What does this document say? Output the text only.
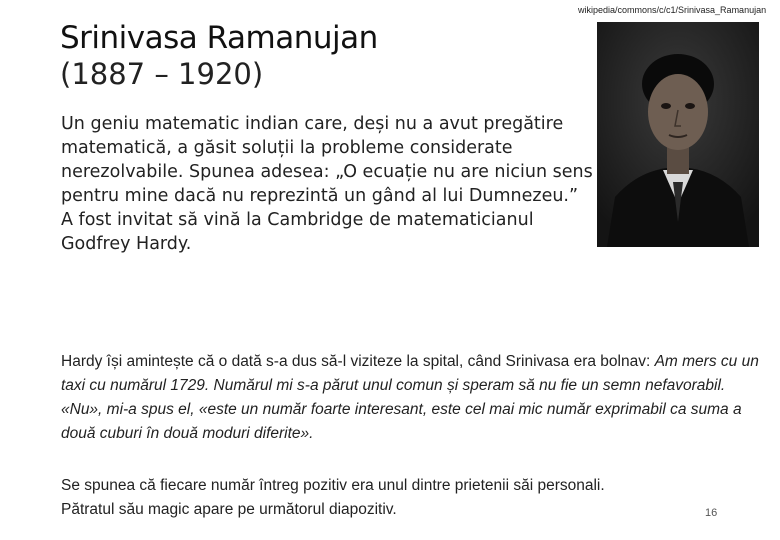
Srinivasa Ramanujan
(1887 – 1920)
wikipedia/commons/c/c1/Srinivasa_Ramanujan

Un geniu matematic indian care, deși nu a avut pregătire matematică, a găsit soluții la probleme considerate nerezolvabile. Spunea adesea: „O ecuație nu are niciun sens pentru mine dacă nu reprezintă un gând al lui Dumnezeu.”

A fost invitat să vină la Cambridge de matematicianul Godfrey Hardy.

Hardy își amintește că o dată s-a dus să-l viziteze la spital, când Srinivasa era bolnav: Am mers cu un taxi cu numărul 1729. Numărul mi s-a părut unul comun și speram să nu fie un semn nefavorabil. «Nu», mi-a spus el, «este un număr foarte interesant, este cel mai mic număr exprimabil ca suma a două cuburi în două moduri diferite».

Se spunea că fiecare număr întreg pozitiv era unul dintre prietenii săi personali.

Pătratul său magic apare pe următorul diapozitiv.	16
